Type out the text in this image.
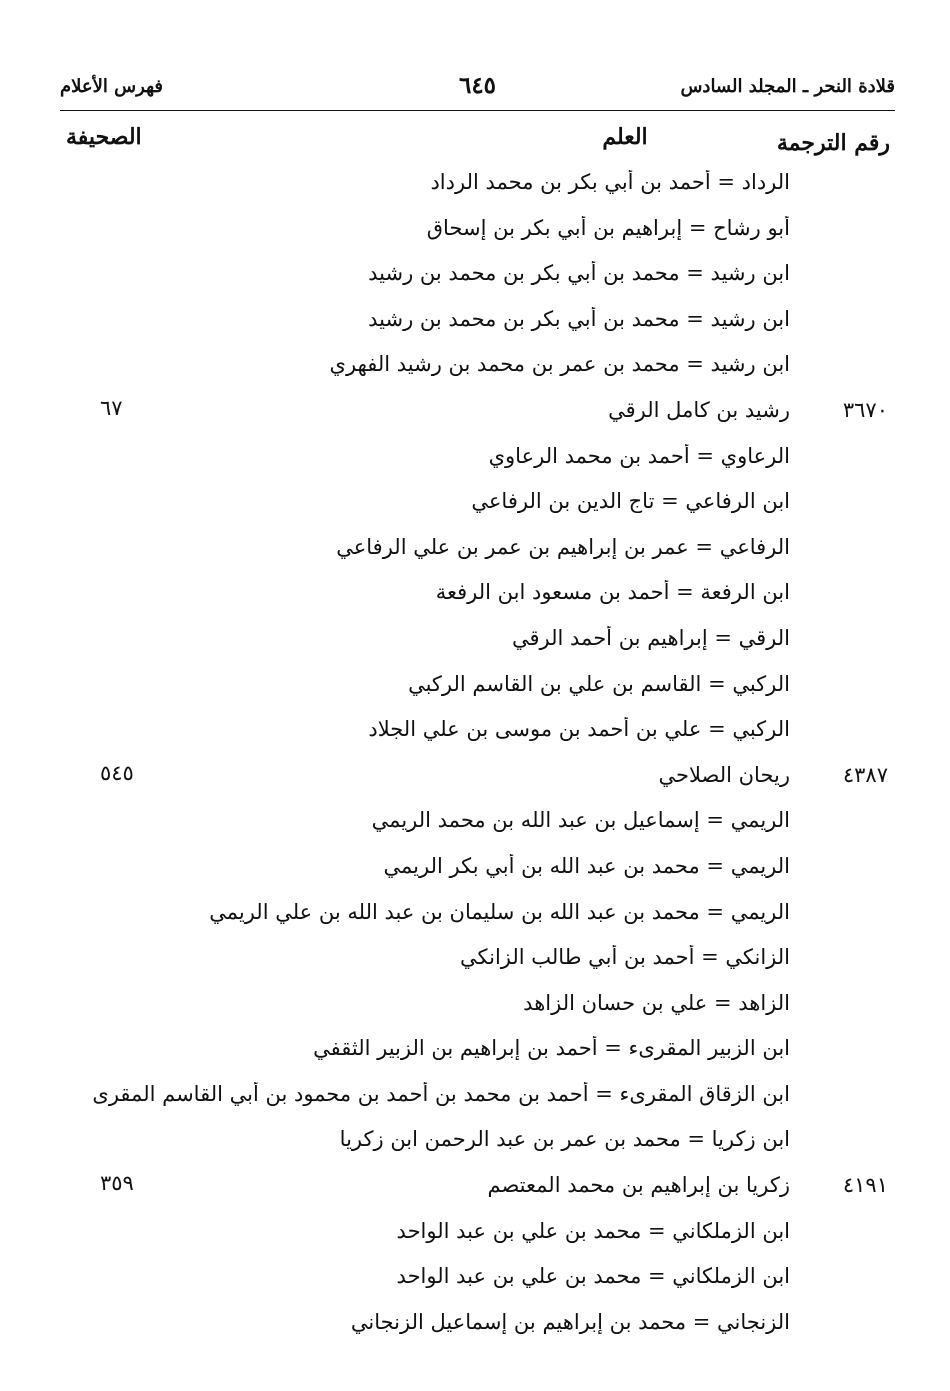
قلادة النحر ـ المجلد السادس
٦٤٥
فهرس الأعلام
رقم الترجمة
العلم
الصحيفة
الرداد = أحمد بن أبي بكر بن محمد الرداد
أبو رشاح = إبراهيم بن أبي بكر بن إسحاق
ابن رشيد = محمد بن أبي بكر بن محمد بن رشيد
ابن رشيد = محمد بن أبي بكر بن محمد بن رشيد
ابن رشيد = محمد بن عمر بن محمد بن رشيد الفهري
٣٦٧٠
رشيد بن كامل الرقي
٦٧
الرعاوي = أحمد بن محمد الرعاوي
ابن الرفاعي = تاج الدين بن الرفاعي
الرفاعي = عمر بن إبراهيم بن عمر بن علي الرفاعي
ابن الرفعة = أحمد بن مسعود ابن الرفعة
الرقي = إبراهيم بن أحمد الرقي
الركبي = القاسم بن علي بن القاسم الركبي
الركبي = علي بن أحمد بن موسى بن علي الجلاد
٤٣٨٧
ريحان الصلاحي
٥٤٥
الريمي = إسماعيل بن عبد الله بن محمد الريمي
الريمي = محمد بن عبد الله بن أبي بكر الريمي
الريمي = محمد بن عبد الله بن سليمان بن عبد الله بن علي الريمي
الزانكي = أحمد بن أبي طالب الزانكي
الزاهد = علي بن حسان الزاهد
ابن الزبير المقرىء = أحمد بن إبراهيم بن الزبير الثقفي
ابن الزقاق المقرىء = أحمد بن محمد بن أحمد بن محمود بن أبي القاسم المقرى
ابن زكريا = محمد بن عمر بن عبد الرحمن ابن زكريا
٤١٩١
زكريا بن إبراهيم بن محمد المعتصم
٣٥٩
ابن الزملكاني = محمد بن علي بن عبد الواحد
ابن الزملكاني = محمد بن علي بن عبد الواحد
الزنجاني = محمد بن إبراهيم بن إسماعيل الزنجاني
